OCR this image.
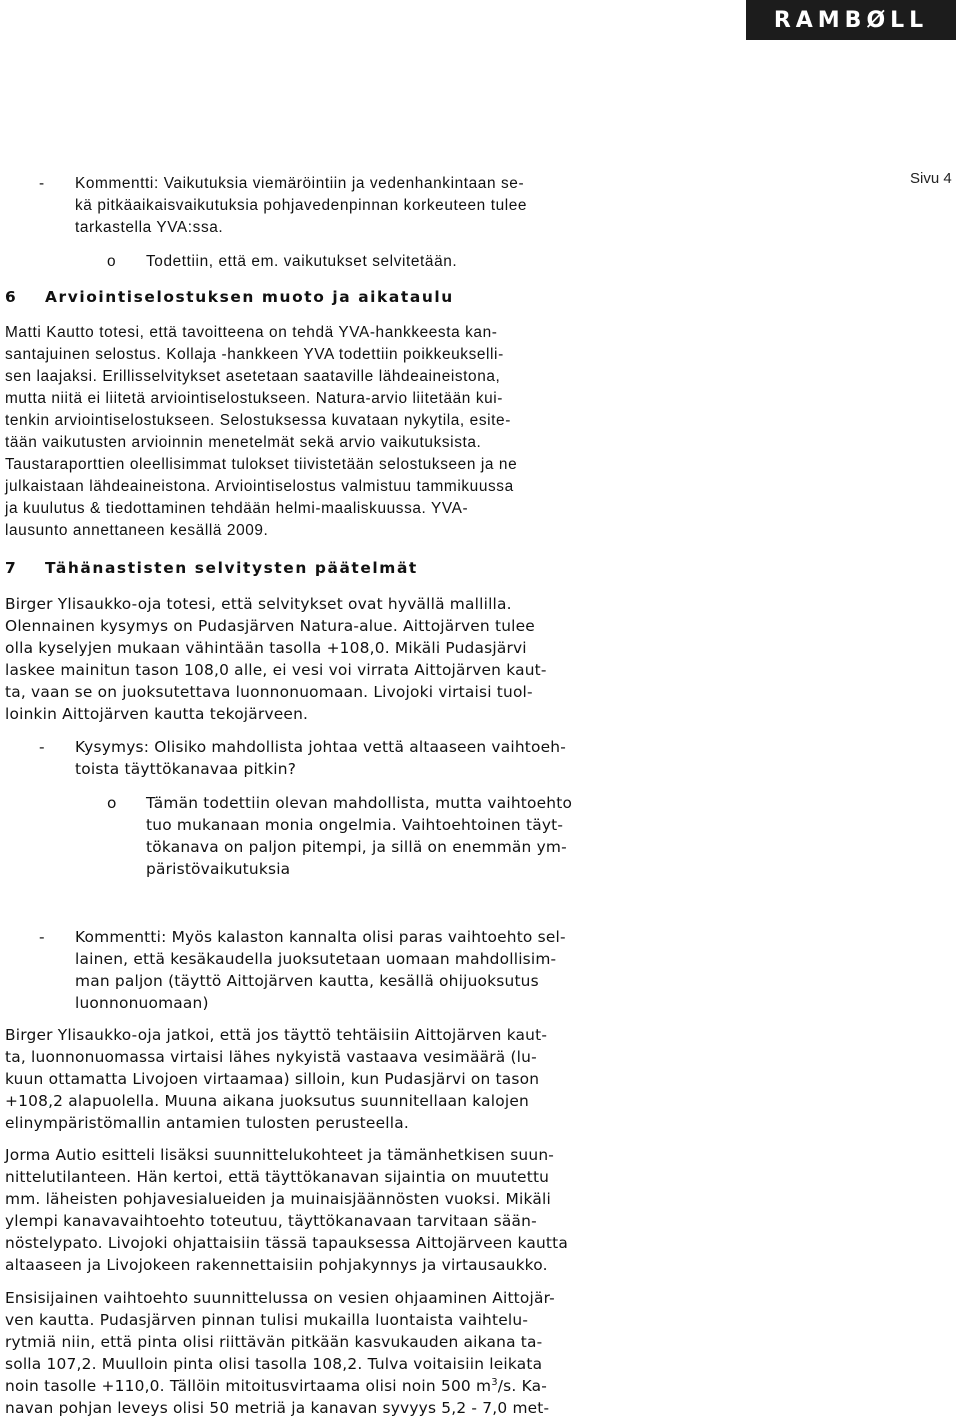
RAMBØLL
Sivu 4
-	Kommentti: Vaikutuksia viemäröintiin ja vedenhankintaan se-
kä pitkäaikaisvaikutuksia pohjavedenpinnan korkeuteen tulee
tarkastella YVA:ssa.
o	Todettiin, että em. vaikutukset selvitetään.
6 Arviointiselostuksen muoto ja aikataulu
Matti Kautto totesi, että tavoitteena on tehdä YVA-hankkeesta kan-
santajuinen selostus. Kollaja -hankkeen YVA todettiin poikkeukselli-
sen laajaksi. Erillisselvitykset asetetaan saataville lähdeaineistona,
mutta niitä ei liitetä arviointiselostukseen. Natura-arvio liitetään kui-
tenkin arviointiselostukseen. Selostuksessa kuvataan nykytila, esite-
tään vaikutusten arvioinnin menetelmät sekä arvio vaikutuksista.
Taustaraporttien oleellisimmat tulokset tiivistetään selostukseen ja ne
julkaistaan lähdeaineistona. Arviointiselostus valmistuu tammikuussa
ja kuulutus & tiedottaminen tehdään helmi-maaliskuussa. YVA-
lausunto annettaneen kesällä 2009.
7 Tähänastisten selvitysten päätelmät
Birger Ylisaukko-oja totesi, että selvitykset ovat hyvällä mallilla.
Olennainen kysymys on Pudasjärven Natura-alue. Aittojärven tulee
olla kyselyjen mukaan vähintään tasolla +108,0. Mikäli Pudasjärvi
laskee mainitun tason 108,0 alle, ei vesi voi virrata Aittojärven kaut-
ta, vaan se on juoksutettava luonnonuomaan. Livojoki virtaisi tuol-
loinkin Aittojärven kautta tekojärveen.
-	Kysymys: Olisiko mahdollista johtaa vettä altaaseen vaihtoeh-
toista täyttökanavaa pitkin?
o	Tämän todettiin olevan mahdollista, mutta vaihtoehto
tuo mukanaan monia ongelmia. Vaihtoehtoinen täyt-
tökanava on paljon pitempi, ja sillä on enemmän ym-
päristövaikutuksia
-	Kommentti: Myös kalaston kannalta olisi paras vaihtoehto sel-
lainen, että kesäkaudella juoksutetaan uomaan mahdollisim-
man paljon (täyttö Aittojärven kautta, kesällä ohijuoksutus
luonnonuomaan)
Birger Ylisaukko-oja jatkoi, että jos täyttö tehtäisiin Aittojärven kaut-
ta, luonnonuomassa virtaisi lähes nykyistä vastaava vesimäärä (lu-
kuun ottamatta Livojoen virtaamaa) silloin, kun Pudasjärvi on tason
+108,2 alapuolella. Muuna aikana juoksutus suunnitellaan kalojen
elinympäristömallin antamien tulosten perusteella.
Jorma Autio esitteli lisäksi suunnittelukohteet ja tämänhetkisen suun-
nittelutilanteen. Hän kertoi, että täyttökanavan sijaintia on muutettu
mm. läheisten pohjavesialueiden ja muinaisjäännösten vuoksi. Mikäli
ylempi kanavavaihtoehto toteutuu, täyttökanavaan tarvitaan sään-
nöstelypato. Livojoki ohjattaisiin tässä tapauksessa Aittojärveen kautta
altaaseen ja Livojokeen rakennettaisiin pohjakynnys ja virtausaukko.
Ensisijainen vaihtoehto suunnittelussa on vesien ohjaaminen Aittojär-
ven kautta. Pudasjärven pinnan tulisi mukailla luontaista vaihtelu-
rytmiä niin, että pinta olisi riittävän pitkään kasvukauden aikana ta-
solla 107,2. Muulloin pinta olisi tasolla 108,2. Tulva voitaisiin leikata
noin tasolle +110,0. Tällöin mitoitusvirtaama olisi noin 500 $m^3/s$. Ka-
navan pohjan leveys olisi 50 metriä ja kanavan syvyys 5,2 - 7,0 met-
